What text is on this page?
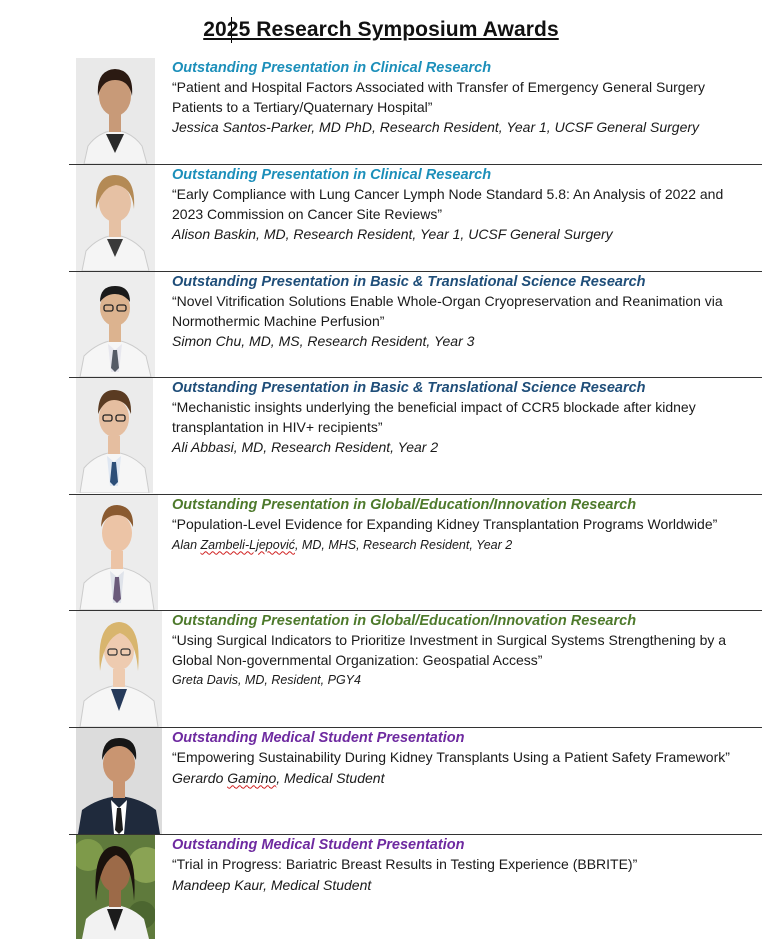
2025 Research Symposium Awards
Outstanding Presentation in Clinical Research
“Patient and Hospital Factors Associated with Transfer of Emergency General Surgery Patients to a Tertiary/Quaternary Hospital”
Jessica Santos-Parker, MD PhD, Research Resident, Year 1, UCSF General Surgery
Outstanding Presentation in Clinical Research
“Early Compliance with Lung Cancer Lymph Node Standard 5.8: An Analysis of 2022 and 2023 Commission on Cancer Site Reviews”
Alison Baskin, MD, Research Resident, Year 1, UCSF General Surgery
Outstanding Presentation in Basic & Translational Science Research
“Novel Vitrification Solutions Enable Whole-Organ Cryopreservation and Reanimation via Normothermic Machine Perfusion”
Simon Chu, MD, MS, Research Resident, Year 3
Outstanding Presentation in Basic & Translational Science Research
“Mechanistic insights underlying the beneficial impact of CCR5 blockade after kidney transplantation in HIV+ recipients”
Ali Abbasi, MD, Research Resident, Year 2
Outstanding Presentation in Global/Education/Innovation Research
“Population-Level Evidence for Expanding Kidney Transplantation Programs Worldwide”
Alan Zambeli-Ljepović, MD, MHS, Research Resident, Year 2
Outstanding Presentation in Global/Education/Innovation Research
“Using Surgical Indicators to Prioritize Investment in Surgical Systems Strengthening by a Global Non-governmental Organization: Geospatial Access”
Greta Davis, MD, Resident, PGY4
Outstanding Medical Student Presentation
“Empowering Sustainability During Kidney Transplants Using a Patient Safety Framework”
Gerardo Gamino, Medical Student
Outstanding Medical Student Presentation
“Trial in Progress: Bariatric Breast Results in Testing Experience (BBRITE)”
Mandeep Kaur, Medical Student
